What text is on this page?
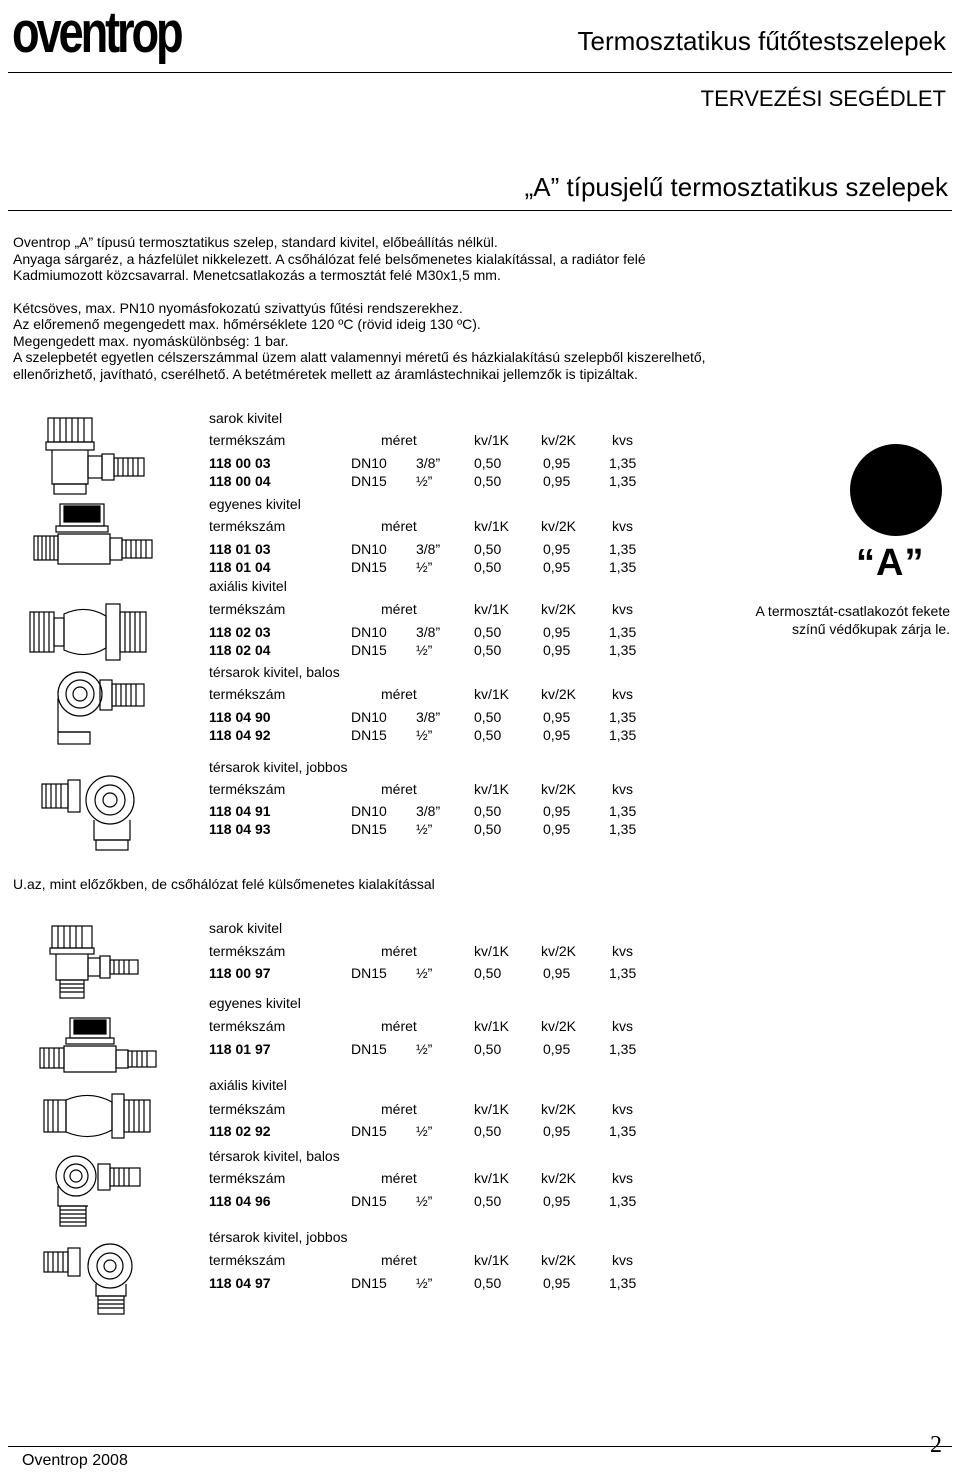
oventrop	Termosztatikus fűtőtestszelepek
TERVEZÉSI SEGÉDLET
„A” típusjelű termosztatikus szelepek
Oventrop „A” típusú termosztatikus szelep, standard kivitel, előbeállítás nélkül.
Anyaga sárgaréz, a házfelület nikkelezett. A csőhálózat felé belsőmenetes kialakítással, a radiátor felé
Kadmiumozott közcsavarral. Menetcsatlakozás a termosztát felé M30x1,5 mm.
Kétcsöves, max. PN10 nyomásfokozatú szivattyús fűtési rendszerekhez.
Az előremenő megengedett max. hőmérséklete 120 ºC (rövid ideig 130 ºC).
Megengedett max. nyomáskülönbség: 1 bar.
A szelepbetét egyetlen célszerszámmal üzem alatt valamennyi méretű és házkialakítású szelepből kiszerelhető,
ellenőrizhető, javítható, cserélhető. A betétméretek mellett az áramlástechnikai jellemzők is tipizáltak.
sarok kivitel
termékszám	méret	kv/1K kv/2K	kvs
118 00 03	DN10 3/8” 0,50	0,95	1,35
118 00 04	DN15 ½”	0,50	0,95	1,35
egyenes kivitel
termékszám	méret	kv/1K kv/2K	kvs
118 01 03	DN10 3/8” 0,50	0,95	1,35
118 01 04	DN15 ½”	0,50	0,95	1,35
axiális kivitel
termékszám	méret	kv/1K kv/2K	kvs
118 02 03	DN10 3/8” 0,50	0,95	1,35
118 02 04	DN15 ½”	0,50	0,95	1,35
térsarok kivitel, balos
termékszám	méret	kv/1K kv/2K	kvs
118 04 90	DN10 3/8” 0,50	0,95	1,35
118 04 92	DN15 ½”	0,50	0,95	1,35
térsarok kivitel, jobbos
termékszám	méret	kv/1K kv/2K	kvs
118 04 91	DN10 3/8” 0,50	0,95	1,35
118 04 93	DN15 ½”	0,50	0,95	1,35
“A”
A termosztát-csatlakozót fekete színű védőkupak zárja le.
U.az, mint előzőkben, de csőhálózat felé külsőmenetes kialakítással
sarok kivitel
termékszám	méret	kv/1K kv/2K	kvs
118 00 97	DN15 ½”	0,50	0,95	1,35
egyenes kivitel
termékszám	méret	kv/1K kv/2K	kvs
118 01 97	DN15 ½”	0,50	0,95	1,35
axiális kivitel
termékszám	méret	kv/1K kv/2K	kvs
118 02 92	DN15 ½”	0,50	0,95	1,35
térsarok kivitel, balos
termékszám	méret	kv/1K kv/2K	kvs
118 04 96	DN15 ½”	0,50	0,95	1,35
térsarok kivitel, jobbos
termékszám	méret	kv/1K kv/2K	kvs
118 04 97	DN15 ½”	0,50	0,95	1,35
Oventrop 2008
2
